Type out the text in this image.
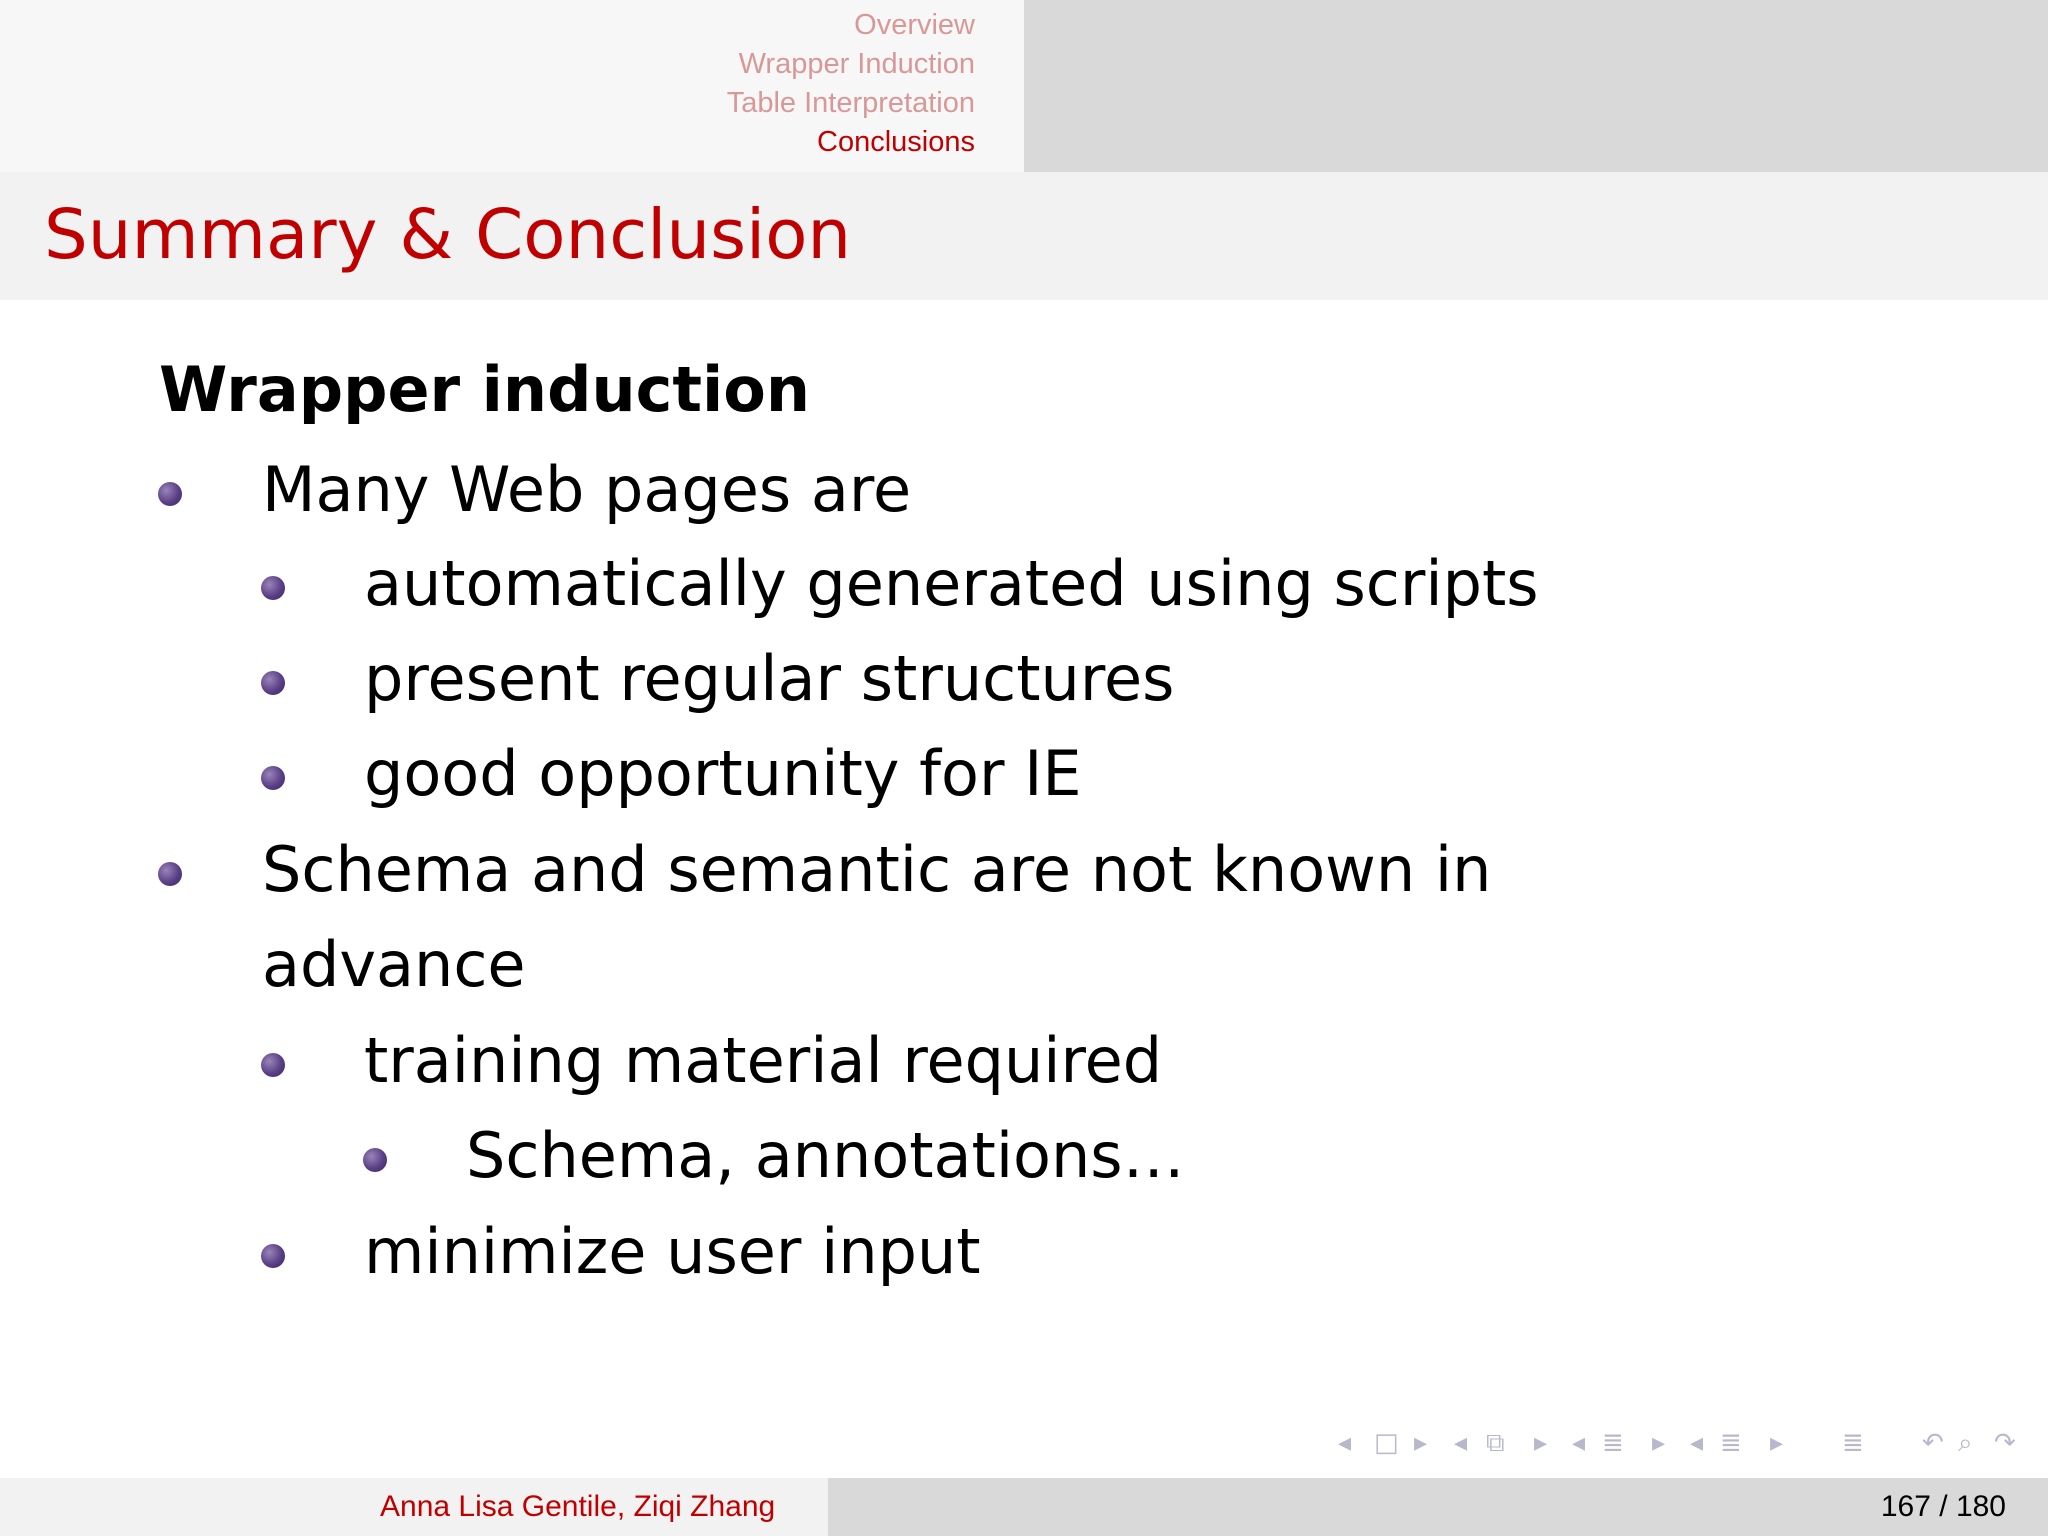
Overview
Wrapper Induction
Table Interpretation
Conclusions
Summary & Conclusion
Wrapper induction
Many Web pages are
automatically generated using scripts
present regular structures
good opportunity for IE
Schema and semantic are not known in
advance
training material required
Schema, annotations…
minimize user input
◂ □ ▸ ◂ ⧉ ▸ ◂ ≣ ▸ ◂ ≣ ▸ ≣ ↶ ⌕ ↷
Anna Lisa Gentile, Ziqi Zhang	167 / 180
